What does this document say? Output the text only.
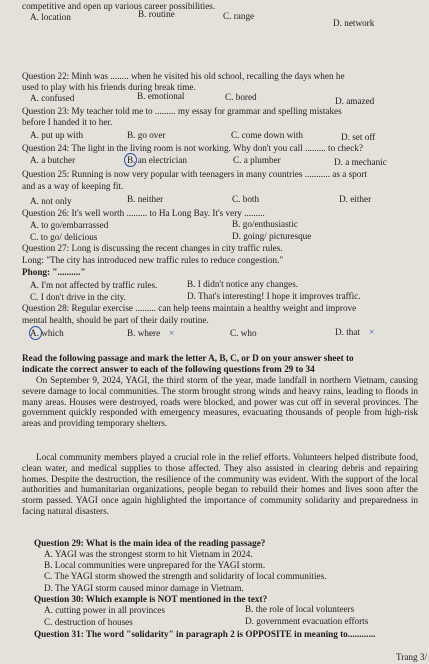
competitive and open up various career possibilities.
A. location	B. routine	C. range
D. network
Question 22: Minh was ........ when he visited his old school, recalling the days when he
used to play with his friends during break time.
A. confused	B. emotional	C. bored	D. amazed
Question 23: My teacher told me to ......... my essay for grammar and spelling mistakes
before I handed it to her.
A. put up with	B. go over	C. come down with	D. set off
Question 24: The light in the living room is not working. Why don't you call ......... to check?
A. a butcher	B. an electrician	C. a plumber	D. a mechanic
Question 25: Running is now very popular with teenagers in many countries ........... as a sport
and as a way of keeping fit.
A. not only	B. neither	C. both	D. either
Question 26: It's well worth ......... to Ha Long Bay. It's very .........
A. to go/embarrassed	B. go/enthusiastic
C. to go/ delicious	D. going/ picturesque
Question 27: Long is discussing the recent changes in city traffic rules.
Long: "The city has introduced new traffic rules to reduce congestion."
Phong: ".........."
A. I'm not affected by traffic rules.	B. I didn't notice any changes.
C. I don't drive in the city.	D. That's interesting! I hope it improves traffic.
Question 28: Regular exercise ......... can help teens maintain a healthy weight and improve
mental health, should be part of their daily routine.
A. which	B. where ×	C. who	D. that ×
Read the following passage and mark the letter A, B, C, or D on your answer sheet to
indicate the correct answer to each of the following questions from 29 to 34
On September 9, 2024, YAGI, the third storm of the year, made landfall in northern Vietnam, causing severe damage to local communities. The storm brought strong winds and heavy rains, leading to floods in many areas. Houses were destroyed, roads were blocked, and power was cut off in several provinces. The government quickly responded with emergency measures, evacuating thousands of people from high-risk areas and providing temporary shelters.
Local community members played a crucial role in the relief efforts. Volunteers helped distribute food, clean water, and medical supplies to those affected. They also assisted in clearing debris and repairing homes. Despite the destruction, the resilience of the community was evident. With the support of the local authorities and humanitarian organizations, people began to rebuild their homes and lives soon after the storm passed. YAGI once again highlighted the importance of community solidarity and preparedness in facing natural disasters.
Question 29: What is the main idea of the reading passage?
A. YAGI was the strongest storm to hit Vietnam in 2024.
B. Local communities were unprepared for the YAGI storm.
C. The YAGI storm showed the strength and solidarity of local communities.
D. The YAGI storm caused minor damage in Vietnam.
Question 30: Which example is NOT mentioned in the text?
A. cutting power in all provinces	B. the role of local volunteers
C. destruction of houses	D. government evacuation efforts
Question 31: The word "solidarity" in paragraph 2 is OPPOSITE in meaning to............
Trang 3/
